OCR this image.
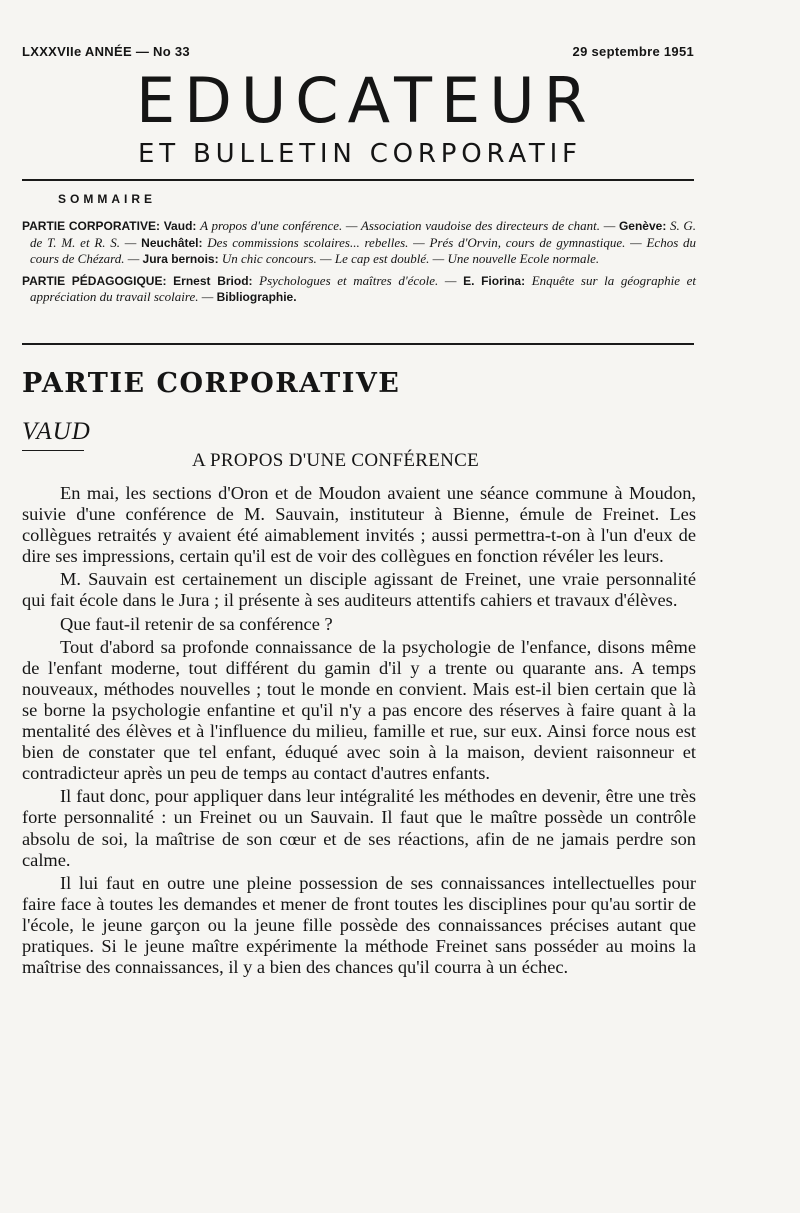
LXXXVIIe ANNÉE — No 33	29 septembre 1951
EDUCATEUR
ET BULLETIN CORPORATIF
SOMMAIRE

PARTIE CORPORATIVE: Vaud: A propos d'une conférence. — Association vaudoise des directeurs de chant. — Genève: S. G. de T. M. et R. S. — Neuchâtel: Des commissions scolaires... rebelles. — Prés d'Orvin, cours de gymnastique. — Echos du cours de Chézard. — Jura bernois: Un chic concours. — Le cap est doublé. — Une nouvelle Ecole normale.

PARTIE PÉDAGOGIQUE: Ernest Briod: Psychologues et maîtres d'école. — E. Fiorina: Enquête sur la géographie et appréciation du travail scolaire. — Bibliographie.

PARTIE CORPORATIVE
VAUD
A PROPOS D'UNE CONFÉRENCE

En mai, les sections d'Oron et de Moudon avaient une séance commune à Moudon, suivie d'une conférence de M. Sauvain, instituteur à Bienne, émule de Freinet. Les collègues retraités y avaient été aimablement invités ; aussi permettra-t-on à l'un d'eux de dire ses impressions, certain qu'il est de voir des collègues en fonction révéler les leurs.

M. Sauvain est certainement un disciple agissant de Freinet, une vraie personnalité qui fait école dans le Jura ; il présente à ses auditeurs attentifs cahiers et travaux d'élèves.

Que faut-il retenir de sa conférence ?

Tout d'abord sa profonde connaissance de la psychologie de l'enfance, disons même de l'enfant moderne, tout différent du gamin d'il y a trente ou quarante ans. A temps nouveaux, méthodes nouvelles ; tout le monde en convient. Mais est-il bien certain que là se borne la psychologie enfantine et qu'il n'y a pas encore des réserves à faire quant à la mentalité des élèves et à l'influence du milieu, famille et rue, sur eux. Ainsi force nous est bien de constater que tel enfant, éduqué avec soin à la maison, devient raisonneur et contradicteur après un peu de temps au contact d'autres enfants.

Il faut donc, pour appliquer dans leur intégralité les méthodes en devenir, être une très forte personnalité : un Freinet ou un Sauvain. Il faut que le maître possède un contrôle absolu de soi, la maîtrise de son cœur et de ses réactions, afin de ne jamais perdre son calme.

Il lui faut en outre une pleine possession de ses connaissances intellectuelles pour faire face à toutes les demandes et mener de front toutes les disciplines pour qu'au sortir de l'école, le jeune garçon ou la jeune fille possède des connaissances précises autant que pratiques. Si le jeune maître expérimente la méthode Freinet sans posséder au moins la maîtrise des connaissances, il y a bien des chances qu'il courra à un échec.
